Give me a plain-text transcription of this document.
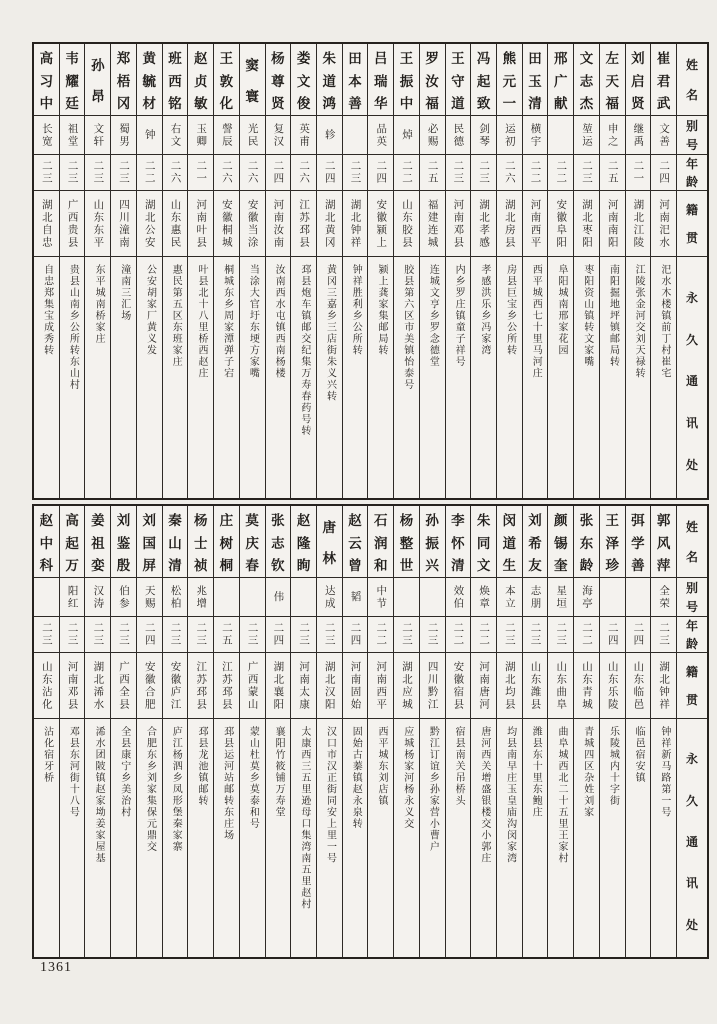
姓
名
别
号
年
龄
籍
贯
永
久
通
讯
处
崔
君
武
文善
二四
河南汜水
汜水木楼镇前丁村崔宅
刘
启
贤
继禹
二一
湖北江陵
江陵张金河交刘天禄转
左
天
福
申之
二五
河南南阳
南阳掘地坪镇邮局转
文
志
杰
堃运
二三
湖北枣阳
枣阳资山镇转文家嘴
邢
广
献
二二
安徽阜阳
阜阳城南邢家花园
田
玉
清
横宇
二二
河南西平
西平城西七十里马河庄
熊
元
一
运初
二六
湖北房县
房县巨宝乡公所转
冯
起
致
剑琴
二三
湖北孝感
孝感洪乐乡冯家湾
王
守
道
民德
二三
河南邓县
内乡罗庄镇童子祥号
罗
汝
福
必赐
二五
福建连城
连城文亨乡罗念德堂
王
振
中
焯
二二
山东胶县
胶县第六区市美镇怡泰号
吕
瑞
华
品英
二四
安徽颍上
颍上龚家集邮局转
田
本
善
二三
湖北钟祥
钟祥胜利乡公所转
朱
道
鸿
轸
二四
湖北黄冈
黄冈三嘉乡三店街朱义兴转
娄
文
俊
英甫
二六
江苏邳县
邳县炮车镇邮交纪集万寿春药号转
杨
尊
贤
复汉
二四
河南汝南
汝南西水屯镇西南杨楼
窦
寰
光民
二六
安徽当涂
当涂大官圩东埂方家嘴
王
敦
化
謦辰
二六
安徽桐城
桐城东乡周家潭弹子宕
赵
贞
敏
玉卿
二一
河南叶县
叶县北十八里桥西赵庄
班
西
铭
右文
二六
山东惠民
惠民第五区东班家庄
黄
毓
材
钟
二二
湖北公安
公安胡家厂黄义发
郑
梧
冈
蜀男
二三
四川潼南
潼南三汇场
孙
昂
文轩
二三
山东东平
东平城南桥家庄
韦
耀
廷
祖堂
二三
广西贵县
贵县山南乡公所转东山村
高
习
中
长宽
二三
湖北自忠
自忠郑集宝成秀转
姓
名
别
号
年
龄
籍
贯
永
久
通
讯
处
郭
风
萍
全荣
二三
湖北钟祥
钟祥新马路第一号
弭
学
善
二四
山东临邑
临邑宿安镇
王
泽
珍
二四
山东乐陵
乐陵城内十字街
张
东
龄
海亭
二二
山东青城
青城四区杂姓刘家
颜
锡
奎
星垣
二三
山东曲阜
曲阜城西北二十五里王家村
刘
希
友
志朋
二三
山东潍县
潍县东十里东鲍庄
闵
道
生
本立
二三
湖北均县
均县南早庄玉皇庙沟闵家湾
朱
同
文
焕章
二二
河南唐河
唐河西关增盛银楼交小郭庄
李
怀
清
效伯
二二
安徽宿县
宿县南关吊桥头
孙
振
兴
二三
四川黔江
黔江订谊乡孙家营小曹户
杨
整
世
二三
湖北应城
应城杨家河杨永义交
石
润
和
中节
二二
河南西平
西平城东刘店镇
赵
云
曾
韬
二四
河南固始
固始古蓁镇赵永泉转
唐
林
达成
二三
湖北汉阳
汉口市汉正街同安上里一号
赵
隆
眴
二三
河南太康
太康西三五里逊母口集湾南五里赵村
张
志
钦
伟
二四
湖北襄阳
襄阳竹筱铺万寿堂
莫
庆
春
二三
广西蒙山
蒙山杜莫乡莫泰和号
庄
树
桐
二五
江苏邳县
邳县运河站邮转东庄场
杨
士
祯
兆增
二三
江苏邳县
邳县龙池镇邮转
秦
山
清
松柏
二三
安徽庐江
庐江杨泗乡凤形堡秦家寨
刘
国
屏
天赐
二四
安徽合肥
合肥东乡刘家集保元鼎交
刘
鉴
殷
伯参
二三
广西全县
全县康宁乡美治村
姜
祖
娈
汉涛
二三
湖北浠水
浠水团陂镇赵家坳姜家屋基
高
起
万
阳红
二三
河南邓县
邓县东河街十八号
赵
中
科
二三
山东沾化
沾化宿牙桥
1361
